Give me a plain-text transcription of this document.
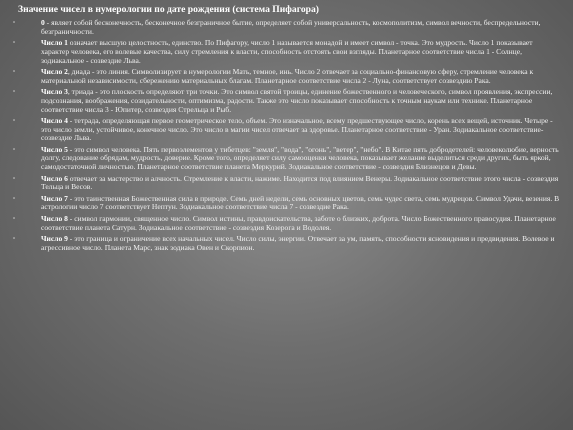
Значение чисел в нумерологии по дате рождения (система Пифагора)
▫	0 - являет собой бесконечность, бесконечное безграничное бытие, определяет собой универсальность, космополитизм, символ вечности, беспредельности, безграничности.
▫	Число 1 означает высшую целостность, единство. По Пифагору, число 1 называется монадой и имеет символ - точка. Это мудрость. Число 1 показывает характер человека, его волевые качества, силу стремления к власти, способность отстоять свои взгляды. Планетарное соответствие числа 1 - Солнце, зодиакальное - созвездие Льва.
▫	Число 2, диада - это линия. Символизирует в нумерологии Мать, темное, инь. Число 2 отвечает за социально-финансовую сферу, стремление человека к материальной независимости, сбережению материальных благам. Планетарное соответствие числа 2 - Луна, соответствует созвездию Рака.
▫	Число 3, триада - это плоскость определяют три точки. Это символ святой троицы, единение божественного и человеческого, символ проявления, экспрессии, подсознания, воображения, созидательности, оптимизма, радости. Также это число показывает способность к точным наукам или технике. Планетарное соответствие числа 3 - Юпитер, созвездия Стрельца и Рыб.
▫	Число 4 - тетрада, определяющая первое геометрическое тело, объем. Это изначальное, всему предшествующее число, корень всех вещей, источник. Четыре - это число земли, устойчивое, конечное число. Это число в магии чисел отвечает за здоровье. Планетарное соответствие - Уран. Зодиакальное соответствие- созвездие Льва.
▫	Число 5 - это символ человека. Пять первоэлементов у тибетцев: "земля", "вода", "огонь", "ветер", "небо". В Китае пять добродетелей: человеколюбие, верность долгу, следование обрядам, мудрость, доверие. Кроме того, определяет силу самооценки человека, показывает желание выделиться среди других, быть яркой, самодостаточной личностью. Планетарное соответствие планета Меркурий. Зодиакальное соответствие - созвездия Близнецов и Девы.
▫	Число 6 отвечает за мастерство и алчность. Стремление к власти, нажиме. Находится под влиянием Венеры. Зодиакальное соответствие этого числа - созвездия Тельца и Весов.
▫	Число 7 - это таинственная Божественная сила в природе. Семь дней недели, семь основных цветов, семь чудес света, семь мудрецов. Символ Удачи, везения. В астрологии число 7 соответствует Нептун. Зодиакальное соответствие числа 7 - созвездие Рака.
▫	Число 8 - символ гармонии, священное число. Символ истины, правдоискательства, заботе о близких, доброта. Число Божественного правосудия. Планетарное соответствие планета Сатурн. Зодиакальное соответствие - созвездия Козерога и Водолея.
▫	Число 9 - это граница и ограничение всех начальных чисел. Число силы, энергии. Отвечает за ум, память, способности ясновидения и предвидения. Волевое и агрессивное число. Планета Марс, знак зодиака Овен и Скорпион.
